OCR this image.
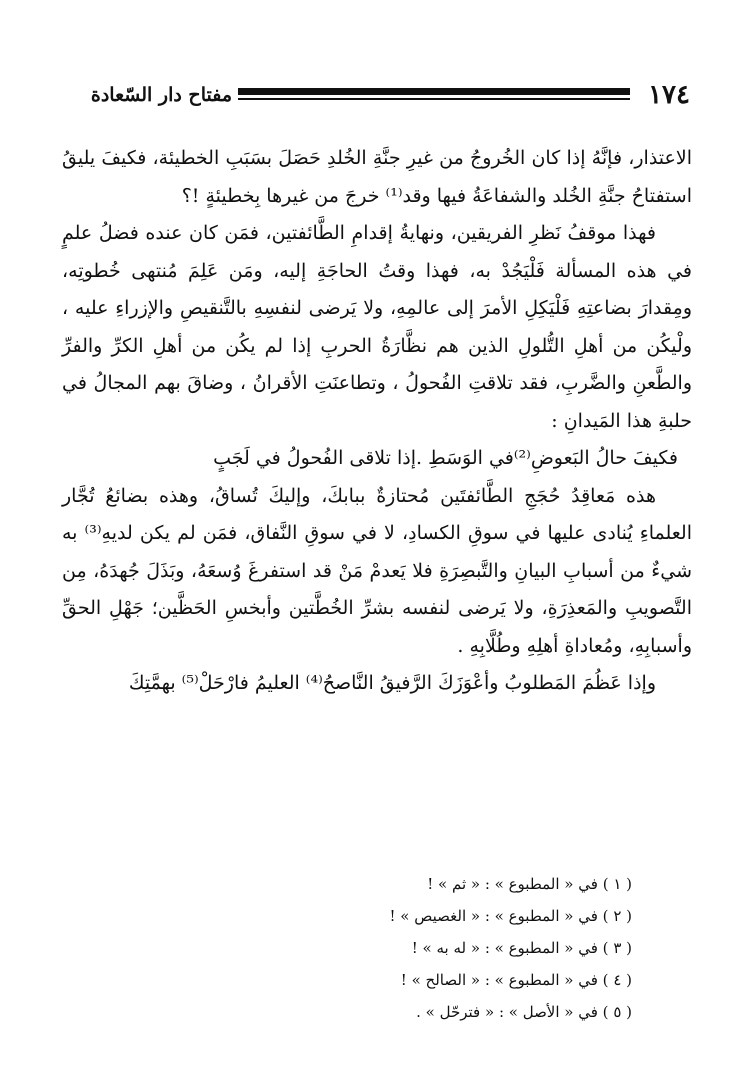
١٧٤
مفتاح دار السّعادة

الاعتذار، فإنَّهُ إذا كان الخُروجُ من غيرِ جنَّةِ الخُلدِ حَصَلَ بسَبَبِ الخطيئة، فكيفَ يليقُ استفتاحُ جنَّةِ الخُلد والشفاعَةُ فيها وقد⁽¹⁾ خرجَ من غيرها بِخطيئةٍ !؟

فهذا موقفُ نَظرِ الفريقين، ونهايةُ إقدامِ الطَّائفتين، فمَن كان عنده فضلُ علمٍ في هذه المسألة فَلْيَجُدْ به، فهذا وقتُ الحاجَةِ إليه، ومَن عَلِمَ مُنتهى خُطوتِه، ومِقدارَ بضاعتِهِ فَلْيَكِلِ الأمرَ إلى عالمِهِ، ولا يَرضى لنفسِهِ بالتَّنقيصِ والإزراءِ عليه ، ولْيكُن من أهلِ التُّلولِ الذين هم نظَّارَةُ الحربِ إذا لم يكُن من أهلِ الكرِّ والفرِّ والطَّعنِ والضَّربِ، فقد تلاقتِ الفُحولُ ، وتطاعنَتِ الأقرانُ ، وضاقَ بهم المجالُ في حلبةِ هذا المَيدانِ :

إذا تلاقى الفُحولُ في لَجَبٍ فكيفَ حالُ البَعوضِ⁽²⁾في الوَسَطِ .

هذه مَعاقِدُ حُجَجِ الطَّائفتَين مُحتازةٌ ببابكَ، وإليكَ تُساقُ، وهذه بضائعُ تُجَّار العلماءِ يُنادى عليها في سوقِ الكسادِ، لا في سوقِ النَّفاق، فمَن لم يكن لديهِ⁽³⁾ به شيءٌ من أسبابِ البيانِ والتَّبصِرَةِ فلا يَعدمْ مَنْ قد استفرغَ وُسعَهُ، وبَذَلَ جُهدَهُ، مِن التَّصويبِ والمَعذِرَةِ، ولا يَرضى لنفسه بشرِّ الخُطَّتين وأبخسِ الحَظَّين؛ جَهْلِ الحقِّ وأسبابِهِ، ومُعاداةِ أهلِهِ وطُلَّابِهِ .

وإذا عَظُمَ المَطلوبُ وأعْوَزَكَ الرَّفيقُ النَّاصحُ⁽⁴⁾ العليمُ فارْحَلْ⁽⁵⁾ بهمَّتِكَ

( ١ ) في « المطبوع » : « ثم » !

( ٢ ) في « المطبوع » : « الغصيص » !

( ٣ ) في « المطبوع » : « له به » !

( ٤ ) في « المطبوع » : « الصالح » !

( ٥ ) في « الأصل » : « فترحّل » .
